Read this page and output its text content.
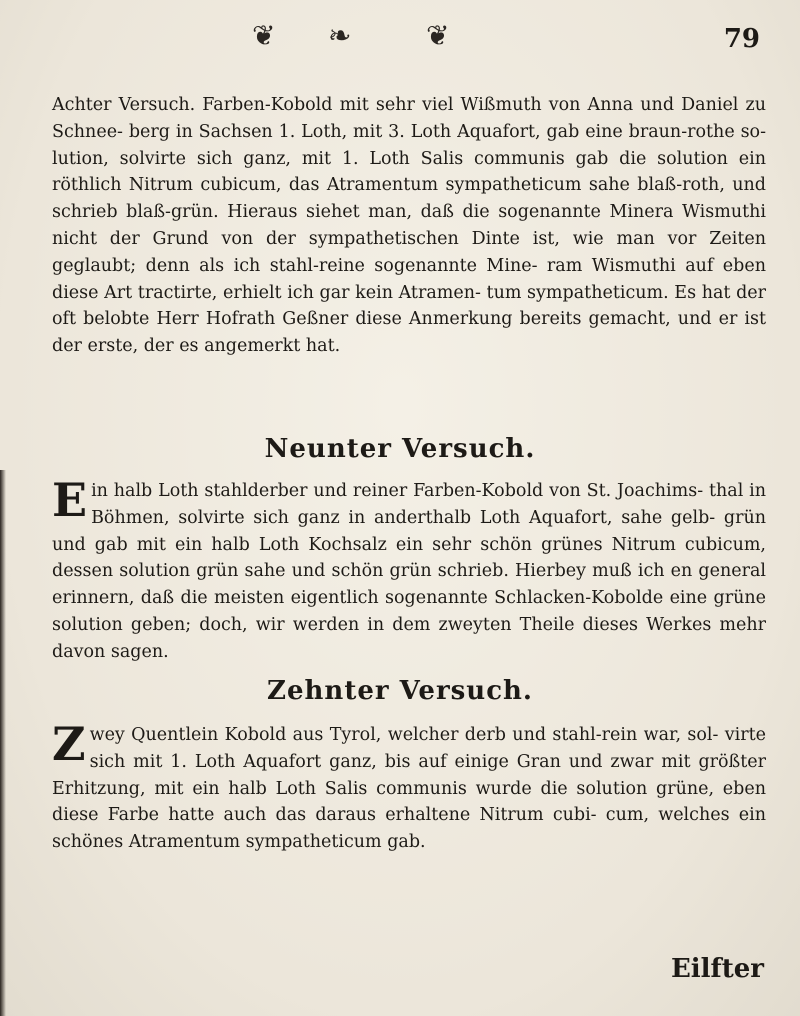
❦ ❧	❦	79
Achter Versuch. Farben-Kobold mit sehr viel Wißmuth von Anna und Daniel zu Schnee- berg in Sachsen 1. Loth, mit 3. Loth Aquafort, gab eine braun-rothe so- lution, solvirte sich ganz, mit 1. Loth Salis communis gab die solution ein röthlich Nitrum cubicum, das Atramentum sympatheticum sahe blaß-roth, und schrieb blaß-grün. Hieraus siehet man, daß die sogenannte Minera Wismuthi nicht der Grund von der sympathetischen Dinte ist, wie man vor Zeiten geglaubt; denn als ich stahl-reine sogenannte Mine- ram Wismuthi auf eben diese Art tractirte, erhielt ich gar kein Atramen- tum sympatheticum. Es hat der oft belobte Herr Hofrath Geßner diese Anmerkung bereits gemacht, und er ist der erste, der es angemerkt hat.
Neunter Versuch.
Ein halb Loth stahlderber und reiner Farben-Kobold von St. Joachims- thal in Böhmen, solvirte sich ganz in anderthalb Loth Aquafort, sahe gelb- grün und gab mit ein halb Loth Kochsalz ein sehr schön grünes Nitrum cubicum, dessen solution grün sahe und schön grün schrieb. Hierbey muß ich en general erinnern, daß die meisten eigentlich sogenannte Schlacken-Kobolde eine grüne solution geben; doch, wir werden in dem zweyten Theile dieses Werkes mehr davon sagen.
Zehnter Versuch.
Zwey Quentlein Kobold aus Tyrol, welcher derb und stahl-rein war, sol- virte sich mit 1. Loth Aquafort ganz, bis auf einige Gran und zwar mit größter Erhitzung, mit ein halb Loth Salis communis wurde die solution grüne, eben diese Farbe hatte auch das daraus erhaltene Nitrum cubi- cum, welches ein schönes Atramentum sympatheticum gab.
Eilfter
